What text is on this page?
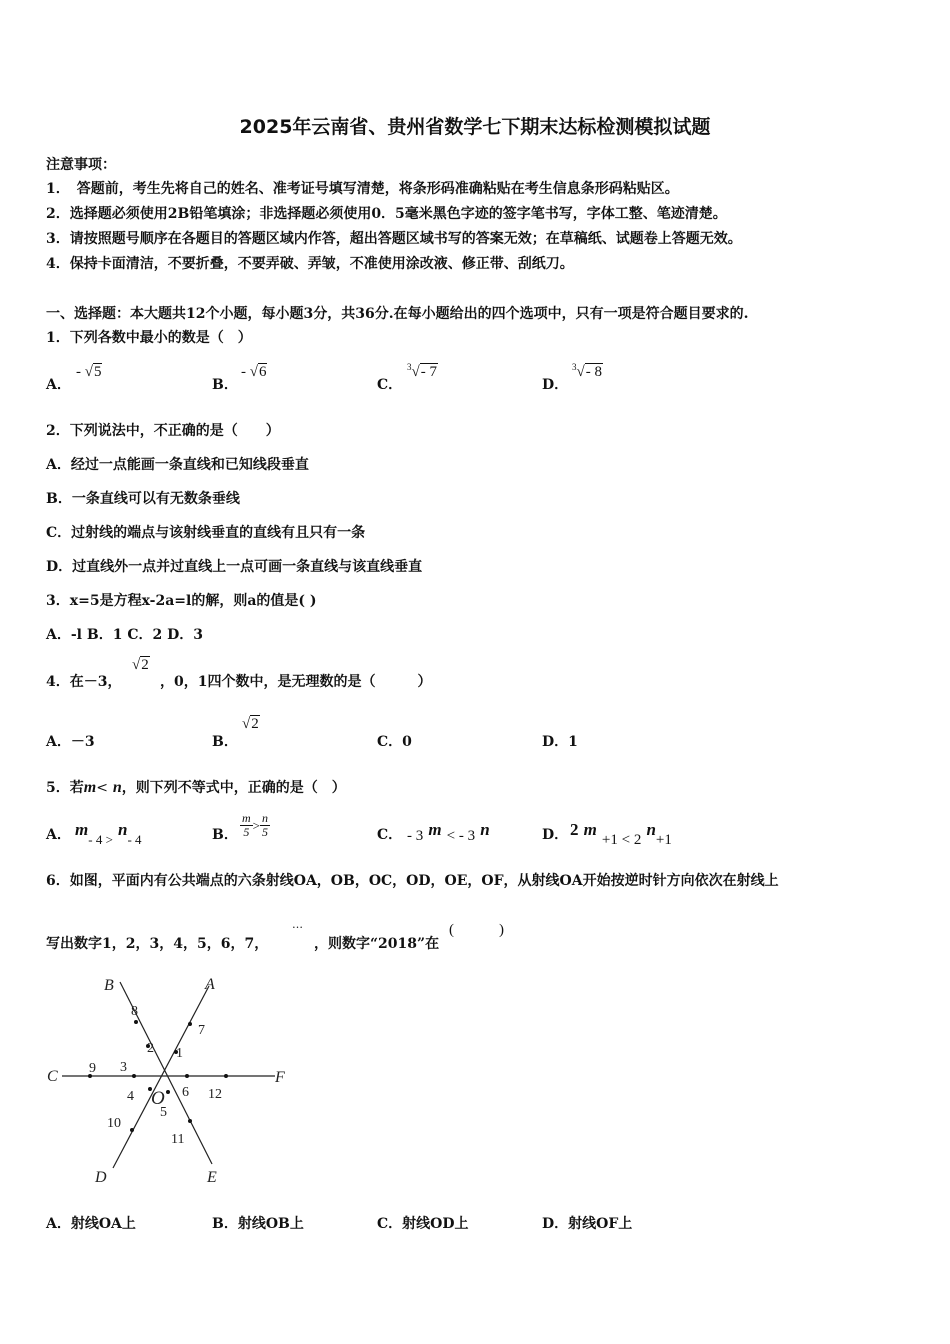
2025年云南省、贵州省数学七下期末达标检测模拟试题
注意事项：
1．　答题前，考生先将自己的姓名、准考证号填写清楚，将条形码准确粘贴在考生信息条形码粘贴区。
2．选择题必须使用2B铅笔填涂；非选择题必须使用0．5毫米黑色字迹的签字笔书写，字体工整、笔迹清楚。
3．请按照题号顺序在各题目的答题区域内作答，超出答题区域书写的答案无效；在草稿纸、试题卷上答题无效。
4．保持卡面清洁，不要折叠，不要弄破、弄皱，不准使用涂改液、修正带、刮纸刀。
一、选择题：本大题共12个小题，每小题3分，共36分.在每小题给出的四个选项中，只有一项是符合题目要求的.
1．下列各数中最小的数是（　）
A．
- √5
B．
- √6
C．
$^3$√- 7
D．
$^3$√- 8
2．下列说法中，不正确的是（　　）
A．经过一点能画一条直线和已知线段垂直
B．一条直线可以有无数条垂线
C．过射线的端点与该射线垂直的直线有且只有一条
D．过直线外一点并过直线上一点可画一条直线与该直线垂直
3．x=5是方程x-2a=l的解，则a的值是( )
A．-l B．1 C．2 D．3
4．在－3，
√2
，0，1四个数中，是无理数的是（　　　）
A．－3	B．
√2
C．0	D．1
5．若m< n，则下列不等式中，正确的是（　）
A． $m_{- 4 >}$ $n_{- 4}$	B． $\frac{m}{5} > \frac{n}{5}$	C． - 3 m < - 3 n	D． 2 m +1 < 2 n+1
6．如图，平面内有公共端点的六条射线OA，OB，OC，OD，OE，OF，从射线OA开始按逆时针方向依次在射线上
写出数字1，2，3，4，5，6，7，
…
，则数字“2018”在
(　　　)
B	A
C	F
D	E
O
1
2
3
4
5
6
7
8
9
10
11
12
A．射线OA上	B．射线OB上	C．射线OD上	D．射线OF上
